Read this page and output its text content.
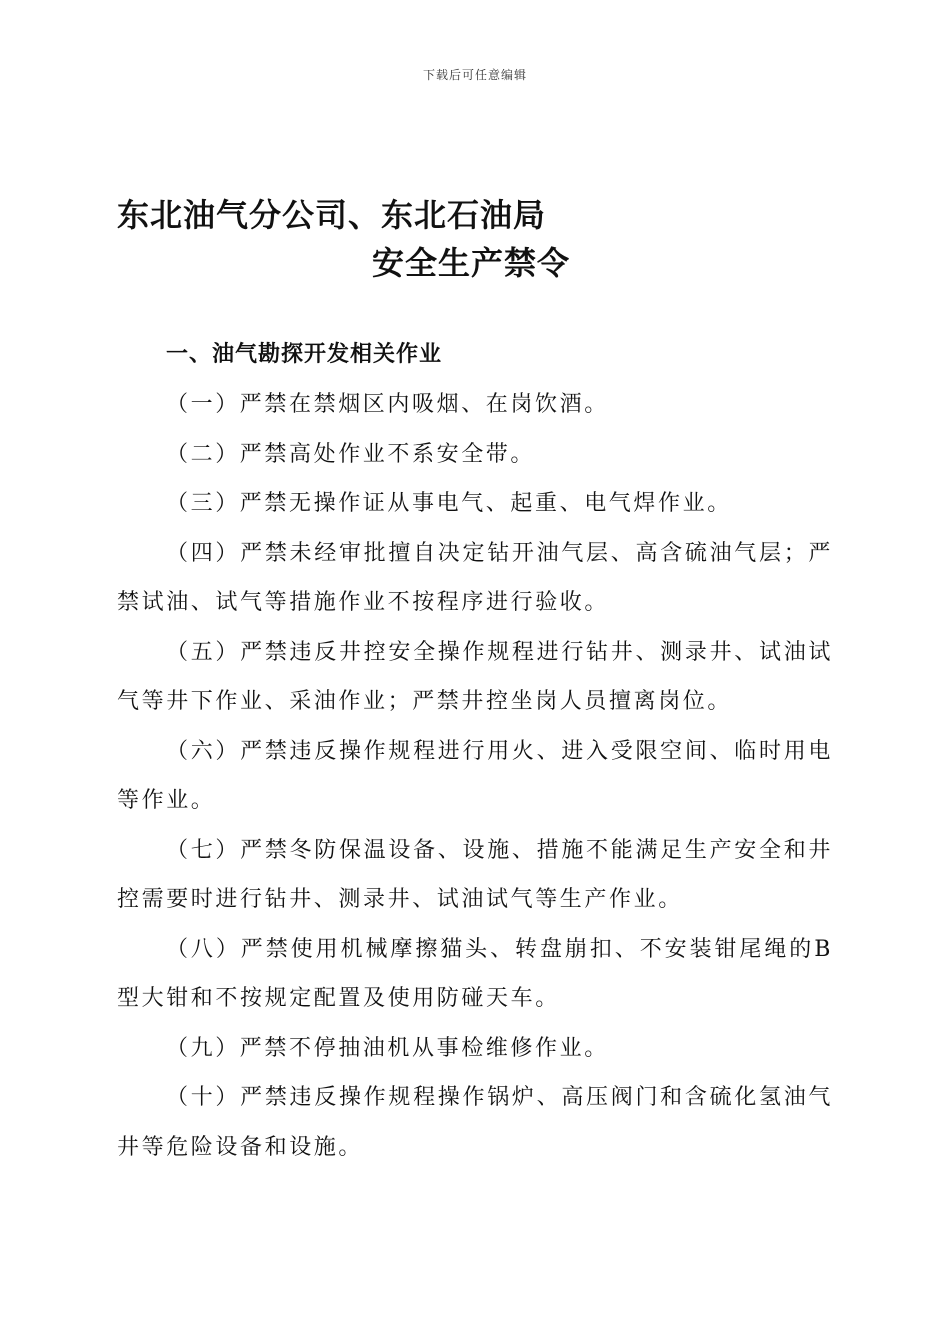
下载后可任意编辑
东北油气分公司、东北石油局
安全生产禁令
一、油气勘探开发相关作业

（一）严禁在禁烟区内吸烟、在岗饮酒。

（二）严禁高处作业不系安全带。

（三）严禁无操作证从事电气、起重、电气焊作业。

（四）严禁未经审批擅自决定钻开油气层、高含硫油气层；严禁试油、试气等措施作业不按程序进行验收。

（五）严禁违反井控安全操作规程进行钻井、测录井、试油试气等井下作业、采油作业；严禁井控坐岗人员擅离岗位。

（六）严禁违反操作规程进行用火、进入受限空间、临时用电等作业。

（七）严禁冬防保温设备、设施、措施不能满足生产安全和井控需要时进行钻井、测录井、试油试气等生产作业。

（八）严禁使用机械摩擦猫头、转盘崩扣、不安装钳尾绳的B型大钳和不按规定配置及使用防碰天车。

（九）严禁不停抽油机从事检维修作业。

（十）严禁违反操作规程操作锅炉、高压阀门和含硫化氢油气井等危险设备和设施。
